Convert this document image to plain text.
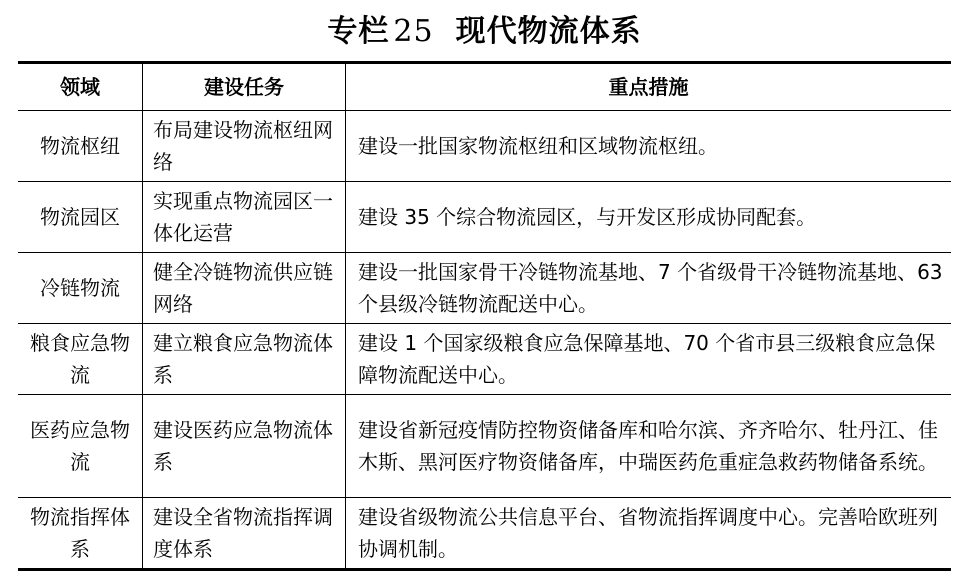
专栏 25 现代物流体系
领域	建设任务	重点措施
物流枢纽	布局建设物流枢纽网络	建设一批国家物流枢纽和区域物流枢纽。
物流园区	实现重点物流园区一体化运营	建设 35 个综合物流园区，与开发区形成协同配套。
冷链物流	健全冷链物流供应链网络	建设一批国家骨干冷链物流基地、7 个省级骨干冷链物流基地、63 个县级冷链物流配送中心。
粮食应急物流	建立粮食应急物流体系	建设 1 个国家级粮食应急保障基地、70 个省市县三级粮食应急保障物流配送中心。
医药应急物流	建设医药应急物流体系	建设省新冠疫情防控物资储备库和哈尔滨、齐齐哈尔、牡丹江、佳木斯、黑河医疗物资储备库，中瑞医药危重症急救药物储备系统。
物流指挥体系	建设全省物流指挥调度体系	建设省级物流公共信息平台、省物流指挥调度中心。完善哈欧班列协调机制。
